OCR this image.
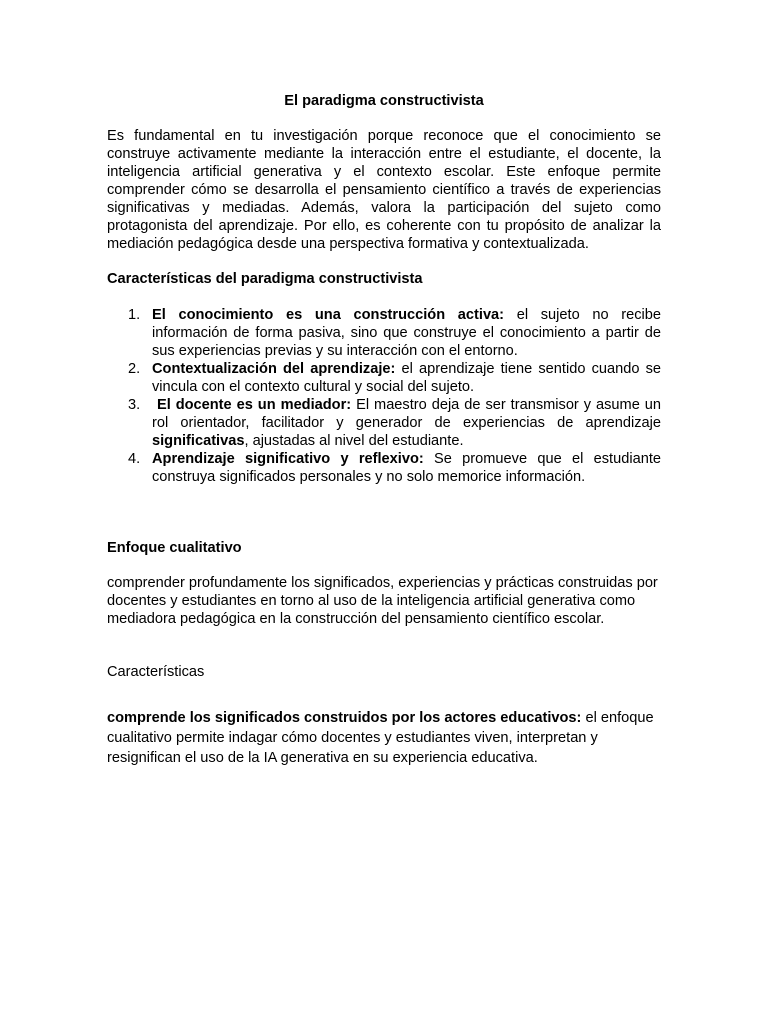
El paradigma constructivista
Es fundamental en tu investigación porque reconoce que el conocimiento se construye activamente mediante la interacción entre el estudiante, el docente, la inteligencia artificial generativa y el contexto escolar. Este enfoque permite comprender cómo se desarrolla el pensamiento científico a través de experiencias significativas y mediadas. Además, valora la participación del sujeto como protagonista del aprendizaje. Por ello, es coherente con tu propósito de analizar la mediación pedagógica desde una perspectiva formativa y contextualizada.
Características del paradigma constructivista
1. El conocimiento es una construcción activa: el sujeto no recibe información de forma pasiva, sino que construye el conocimiento a partir de sus experiencias previas y su interacción con el entorno.
2. Contextualización del aprendizaje: el aprendizaje tiene sentido cuando se vincula con el contexto cultural y social del sujeto.
3. El docente es un mediador: El maestro deja de ser transmisor y asume un rol orientador, facilitador y generador de experiencias de aprendizaje significativas, ajustadas al nivel del estudiante.
4. Aprendizaje significativo y reflexivo: Se promueve que el estudiante construya significados personales y no solo memorice información.
Enfoque cualitativo
comprender profundamente los significados, experiencias y prácticas construidas por docentes y estudiantes en torno al uso de la inteligencia artificial generativa como mediadora pedagógica en la construcción del pensamiento científico escolar.
Características
comprende los significados construidos por los actores educativos: el enfoque cualitativo permite indagar cómo docentes y estudiantes viven, interpretan y resignifican el uso de la IA generativa en su experiencia educativa.
